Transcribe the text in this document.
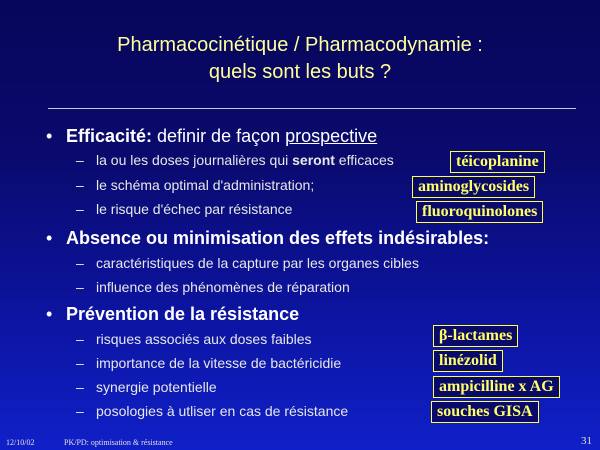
Pharmacocinétique / Pharmacodynamie :
quels sont les buts ?
• Efficacité: definir de façon prospective
– la ou les doses journalières qui seront efficaces
– le schéma optimal d'administration;
– le risque d'échec par résistance
• Absence ou minimisation des effets indésirables:
– caractéristiques de la capture par les organes cibles
– influence des phénomènes de réparation
• Prévention de la résistance
– risques associés aux doses faibles
– importance de la vitesse de bactéricidie
– synergie potentielle
– posologies à utliser en cas de résistance
téicoplanine
aminoglycosides
fluoroquinolones
β-lactames
linézolid
ampicilline x AG
souches GISA
12/10/02	PK/PD: optimisation & résistance	31
